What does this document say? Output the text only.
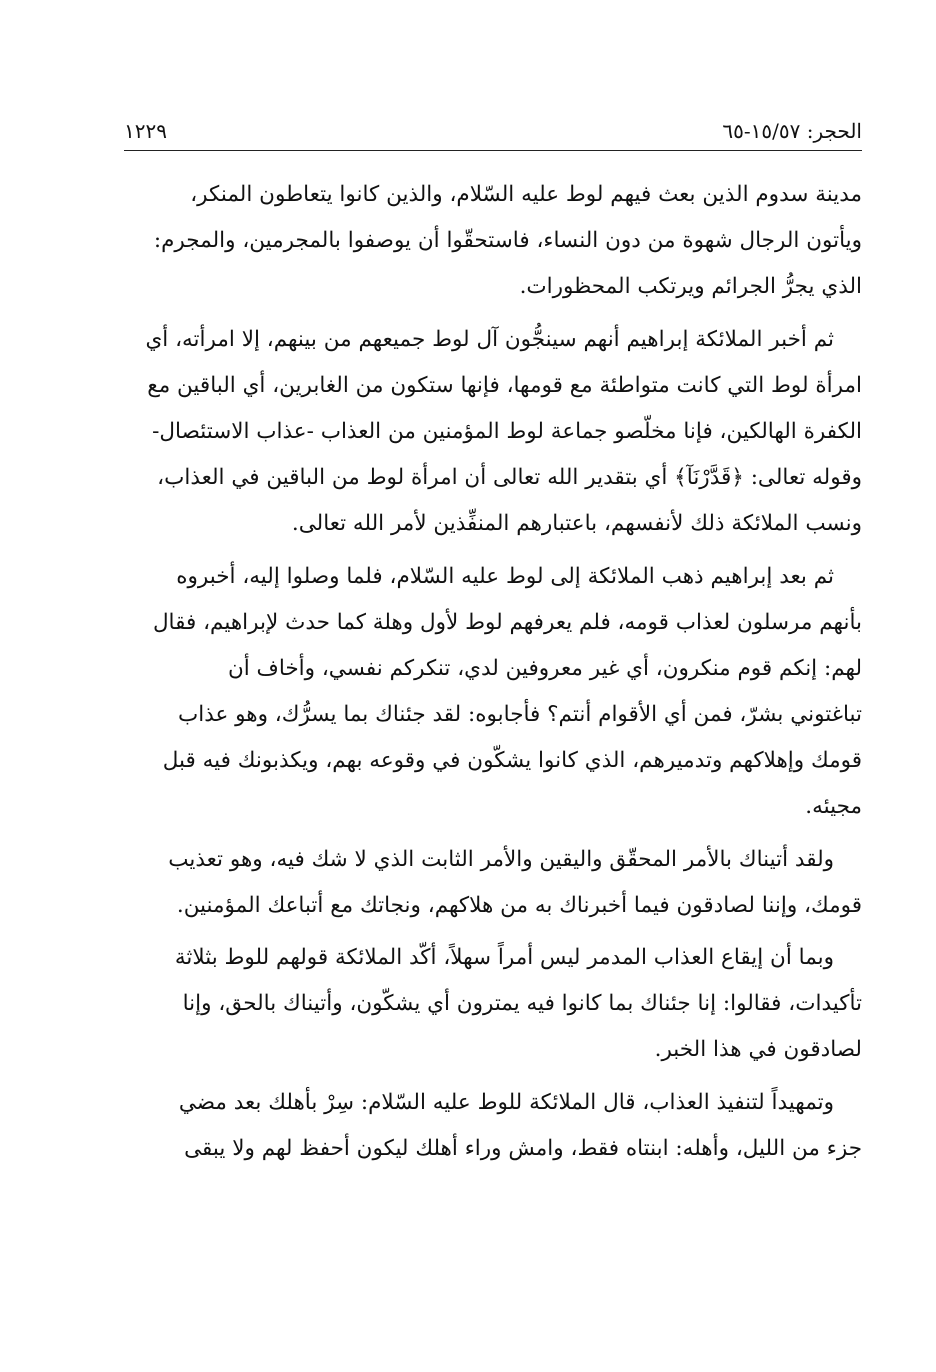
الحجر: ١٥/٥٧-٦٥
١٢٢٩
مدينة سدوم الذين بعث فيهم لوط عليه السّلام، والذين كانوا يتعاطون المنكر،
ويأتون الرجال شهوة من دون النساء، فاستحقّوا أن يوصفوا بالمجرمين، والمجرم:
الذي يجرُّ الجرائم ويرتكب المحظورات.
ثم أخبر الملائكة إبراهيم أنهم سينجُّون آل لوط جميعهم من بينهم، إلا امرأته، أي
امرأة لوط التي كانت متواطئة مع قومها، فإنها ستكون من الغابرين، أي الباقين مع
الكفرة الهالكين، فإنا مخلّصو جماعة لوط المؤمنين من العذاب -عذاب الاستئصال-
وقوله تعالى: ﴿قَدَّرْنَآ﴾ أي بتقدير الله تعالى أن امرأة لوط من الباقين في العذاب،
ونسب الملائكة ذلك لأنفسهم، باعتبارهم المنفِّذين لأمر الله تعالى.
ثم بعد إبراهيم ذهب الملائكة إلى لوط عليه السّلام، فلما وصلوا إليه، أخبروه
بأنهم مرسلون لعذاب قومه، فلم يعرفهم لوط لأول وهلة كما حدث لإبراهيم، فقال
لهم: إنكم قوم منكرون، أي غير معروفين لدي، تنكركم نفسي، وأخاف أن
تباغتوني بشرّ، فمن أي الأقوام أنتم؟ فأجابوه: لقد جئناك بما يسرُّك، وهو عذاب
قومك وإهلاكهم وتدميرهم، الذي كانوا يشكّون في وقوعه بهم، ويكذبونك فيه قبل
مجيئه.
ولقد أتيناك بالأمر المحقّق واليقين والأمر الثابت الذي لا شك فيه، وهو تعذيب
قومك، وإننا لصادقون فيما أخبرناك به من هلاكهم، ونجاتك مع أتباعك المؤمنين.
وبما أن إيقاع العذاب المدمر ليس أمراً سهلاً، أكّد الملائكة قولهم للوط بثلاثة
تأكيدات، فقالوا: إنا جئناك بما كانوا فيه يمترون أي يشكّون، وأتيناك بالحق، وإنا
لصادقون في هذا الخبر.
وتمهيداً لتنفيذ العذاب، قال الملائكة للوط عليه السّلام: سِرْ بأهلك بعد مضي
جزء من الليل، وأهله: ابنتاه فقط، وامش وراء أهلك ليكون أحفظ لهم ولا يبقى
